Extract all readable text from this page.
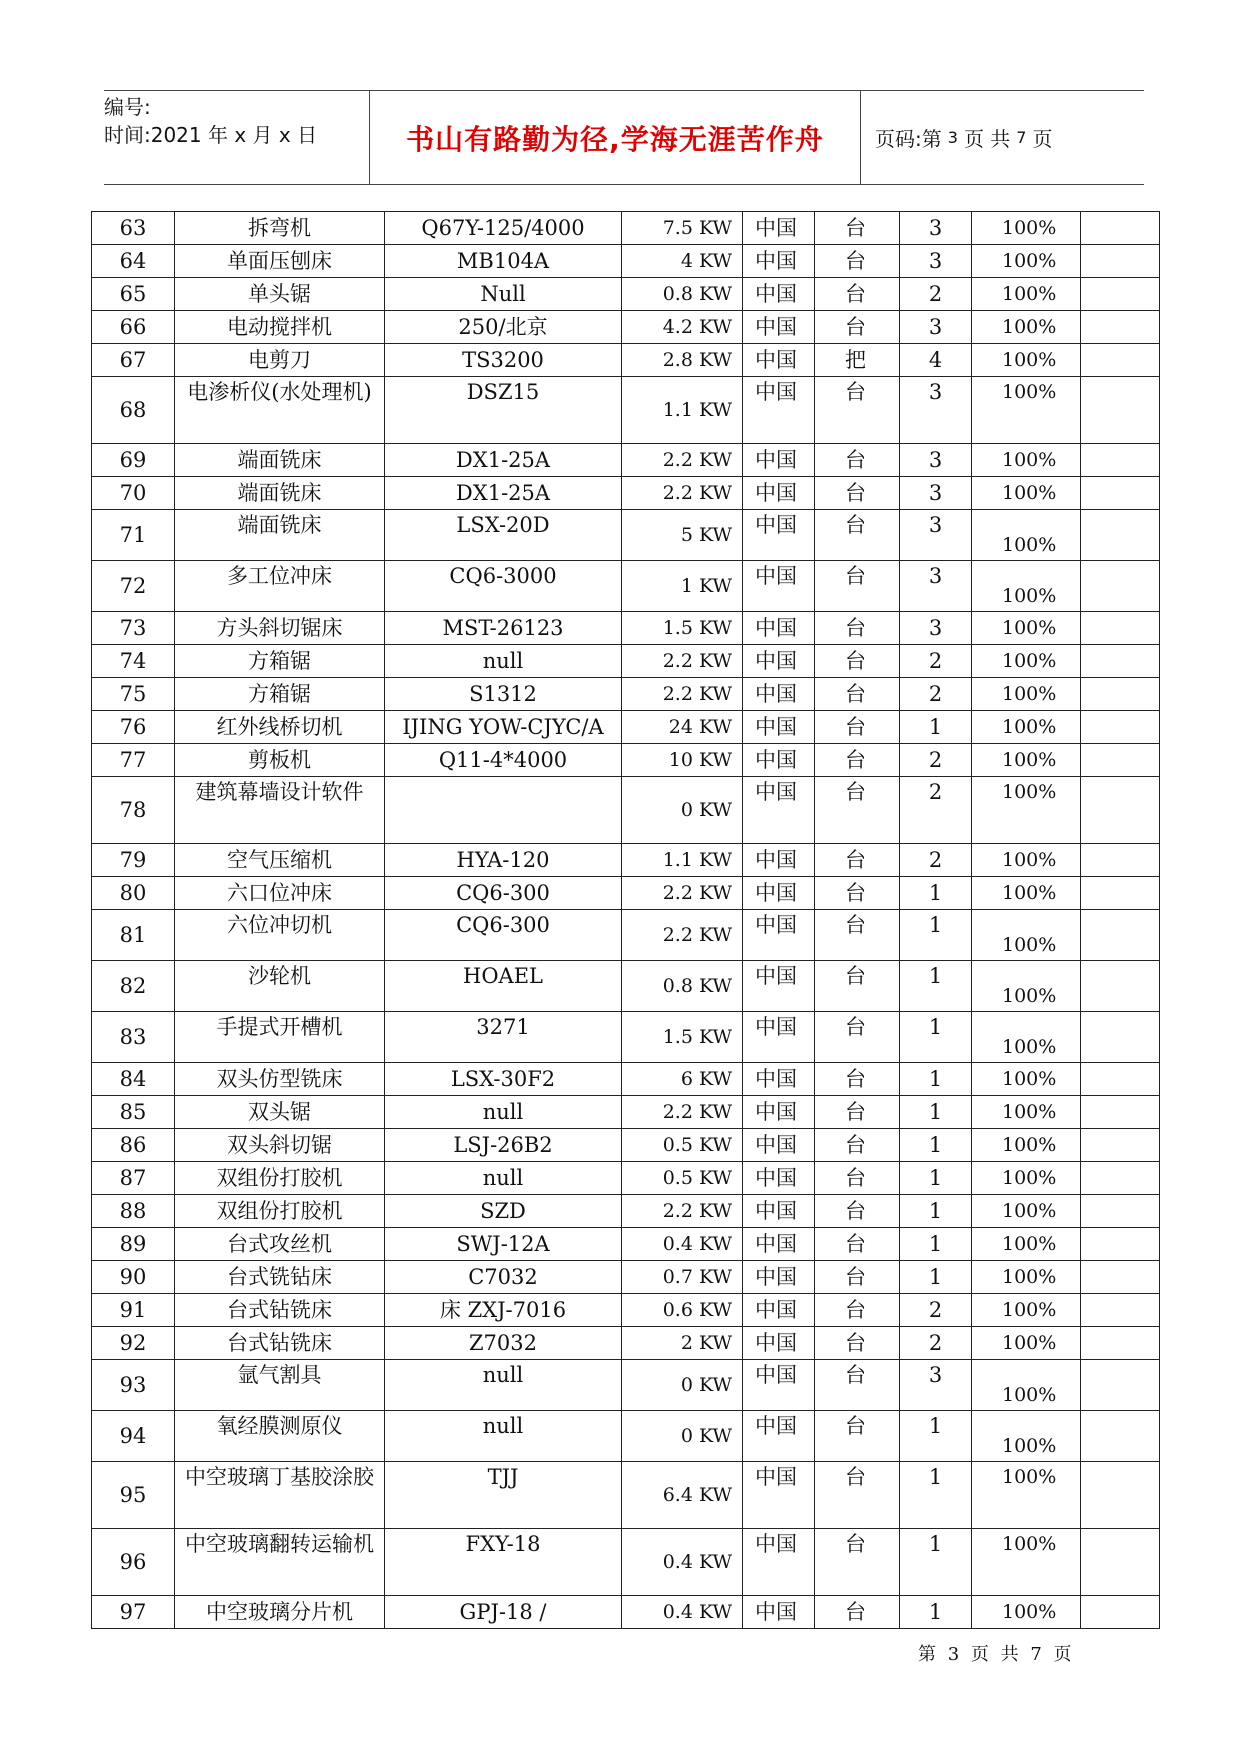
编号:
时间:2021 年 x 月 x 日	书山有路勤为径,学海无涯苦作舟	页码:第 3 页 共 7 页
63	拆弯机	Q67Y-125/4000	7.5 KW	中国	台	3	100%	
64	单面压刨床	MB104A	4 KW	中国	台	3	100%	
65	单头锯	Null	0.8 KW	中国	台	2	100%	
66	电动搅拌机	250/北京	4.2 KW	中国	台	3	100%	
67	电剪刀	TS3200	2.8 KW	中国	把	4	100%	
68	电渗析仪(水处理机)	DSZ15	1.1 KW	中国	台	3	100%	
69	端面铣床	DX1-25A	2.2 KW	中国	台	3	100%	
70	端面铣床	DX1-25A	2.2 KW	中国	台	3	100%	
71	端面铣床	LSX-20D	5 KW	中国	台	3	100%	
72	多工位冲床	CQ6-3000	1 KW	中国	台	3	100%	
73	方头斜切锯床	MST-26123	1.5 KW	中国	台	3	100%	
74	方箱锯	null	2.2 KW	中国	台	2	100%	
75	方箱锯	S1312	2.2 KW	中国	台	2	100%	
76	红外线桥切机	IJING YOW-CJYC/A	24 KW	中国	台	1	100%	
77	剪板机	Q11-4*4000	10 KW	中国	台	2	100%	
78	建筑幕墙设计软件		0 KW	中国	台	2	100%	
79	空气压缩机	HYA-120	1.1 KW	中国	台	2	100%	
80	六口位冲床	CQ6-300	2.2 KW	中国	台	1	100%	
81	六位冲切机	CQ6-300	2.2 KW	中国	台	1	100%	
82	沙轮机	HOAEL	0.8 KW	中国	台	1	100%	
83	手提式开槽机	3271	1.5 KW	中国	台	1	100%	
84	双头仿型铣床	LSX-30F2	6 KW	中国	台	1	100%	
85	双头锯	null	2.2 KW	中国	台	1	100%	
86	双头斜切锯	LSJ-26B2	0.5 KW	中国	台	1	100%	
87	双组份打胶机	null	0.5 KW	中国	台	1	100%	
88	双组份打胶机	SZD	2.2 KW	中国	台	1	100%	
89	台式攻丝机	SWJ-12A	0.4 KW	中国	台	1	100%	
90	台式铣钻床	C7032	0.7 KW	中国	台	1	100%	
91	台式钻铣床	床 ZXJ-7016	0.6 KW	中国	台	2	100%	
92	台式钻铣床	Z7032	2 KW	中国	台	2	100%	
93	氩气割具	null	0 KW	中国	台	3	100%	
94	氧经膜测原仪	null	0 KW	中国	台	1	100%	
95	中空玻璃丁基胶涂胶	TJJ	6.4 KW	中国	台	1	100%	
96	中空玻璃翻转运输机	FXY-18	0.4 KW	中国	台	1	100%	
97	中空玻璃分片机	GPJ-18 /	0.4 KW	中国	台	1	100%	
第 3 页 共 7 页
